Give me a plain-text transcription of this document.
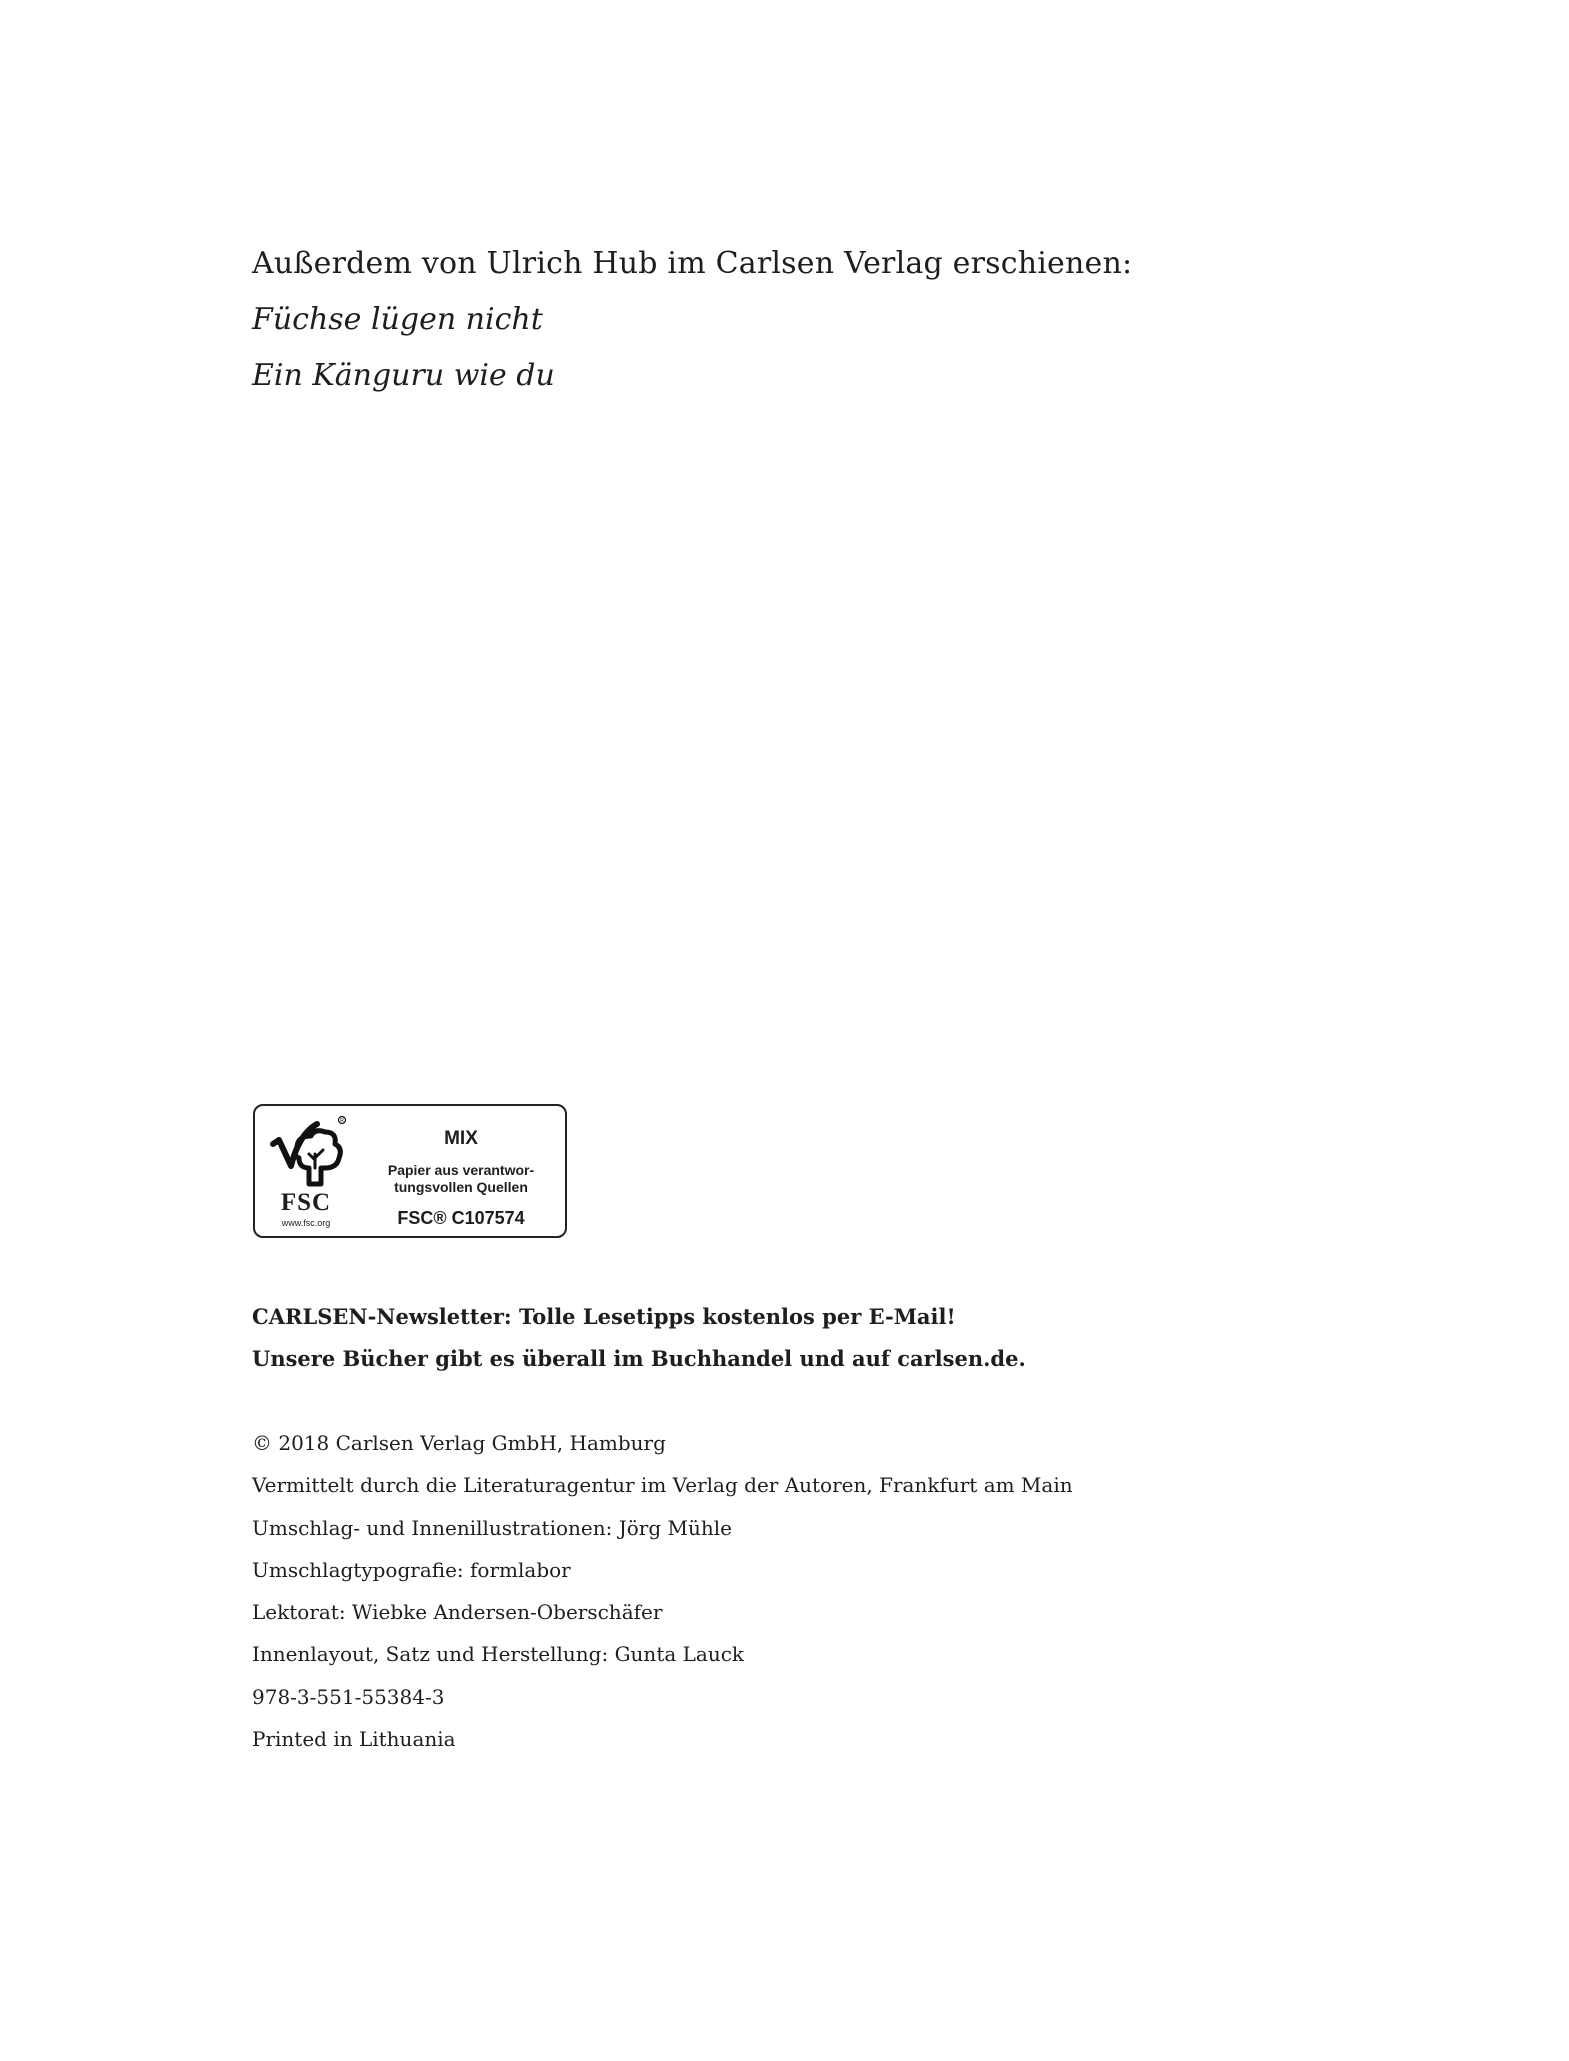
Außerdem von Ulrich Hub im Carlsen Verlag erschienen:

Füchse lügen nicht

Ein Känguru wie du

R
FSC
www.fsc.org
MIX
Papier aus verantwor-
tungsvollen Quellen
FSC® C107574

CARLSEN-Newsletter: Tolle Lesetipps kostenlos per E-Mail!

Unsere Bücher gibt es überall im Buchhandel und auf carlsen.de.

© 2018 Carlsen Verlag GmbH, Hamburg

Vermittelt durch die Literaturagentur im Verlag der Autoren, Frankfurt am Main

Umschlag- und Innenillustrationen: Jörg Mühle

Umschlagtypografie: formlabor

Lektorat: Wiebke Andersen-Oberschäfer

Innenlayout, Satz und Herstellung: Gunta Lauck

978-3-551-55384-3

Printed in Lithuania
